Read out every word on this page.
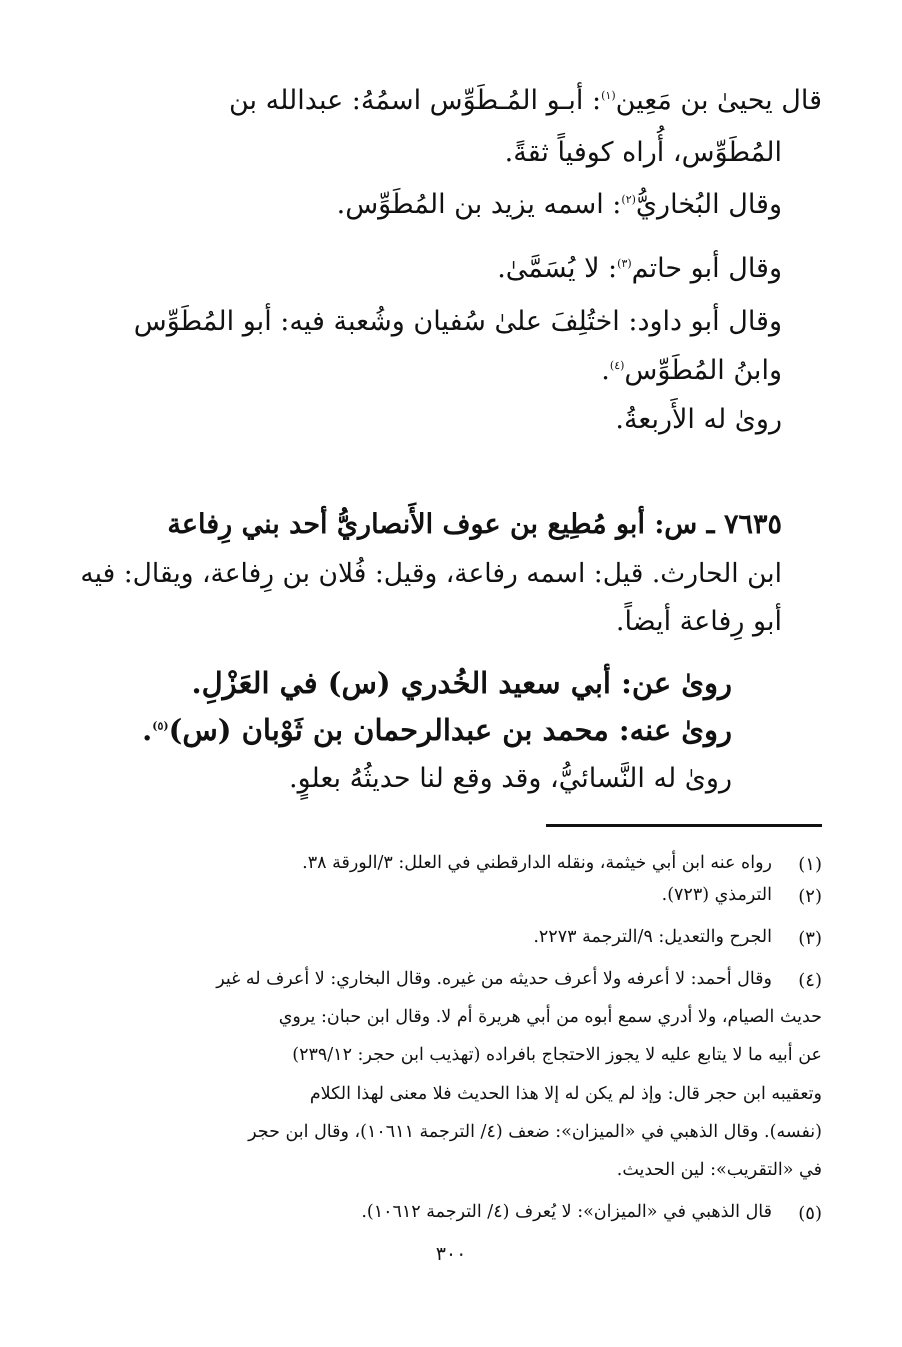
قال يحيىٰ بن مَعِين$^{(١)}$: أبـو المُـطَوِّس اسمُهُ: عبدالله بن
المُطَوِّس، أُراه كوفياً ثقةً.
وقال البُخاريُّ$^{(٢)}$: اسمه يزيد بن المُطَوِّس.
وقال أبو حاتم$^{(٣)}$: لا يُسَمَّىٰ.
وقال أبو داود: اختُلِفَ علىٰ سُفيان وشُعبة فيه: أبو المُطَوِّس
وابنُ المُطَوِّس$^{(٤)}$.
روىٰ له الأَربعةُ.
٧٦٣٥ ـ س: أبو مُطِيع بن عوف الأَنصاريُّ أحد بني رِفاعة
ابن الحارث. قيل: اسمه رفاعة، وقيل: فُلان بن رِفاعة، ويقال: فيه
أبو رِفاعة أيضاً.
روىٰ عن: أبي سعيد الخُدري (س) في العَزْلِ.
روىٰ عنه: محمد بن عبدالرحمان بن ثَوْبان (س)$^{(٥)}$.
روىٰ له النَّسائيُّ، وقد وقع لنا حديثُهُ بعلوٍ.
(١)
رواه عنه ابن أبي خيثمة، ونقله الدارقطني في العلل: ٣/الورقة ٣٨.
(٢)
الترمذي (٧٢٣).
(٣)
الجرح والتعديل: ٩/الترجمة ٢٢٧٣.
(٤)
وقال أحمد: لا أعرفه ولا أعرف حديثه من غيره. وقال البخاري: لا أعرف له غير
حديث الصيام، ولا أدري سمع أبوه من أبي هريرة أم لا. وقال ابن حبان: يروي
عن أبيه ما لا يتابع عليه لا يجوز الاحتجاج بافراده (تهذيب ابن حجر: ٢٣٩/١٢)
وتعقيبه ابن حجر قال: وإذ لم يكن له إلا هذا الحديث فلا معنى لهذا الكلام
(نفسه). وقال الذهبي في «الميزان»: ضعف (٤/ الترجمة ١٠٦١١)، وقال ابن حجر
في «التقريب»: لين الحديث.
(٥)
قال الذهبي في «الميزان»: لا يُعرف (٤/ الترجمة ١٠٦١٢).
٣٠٠
